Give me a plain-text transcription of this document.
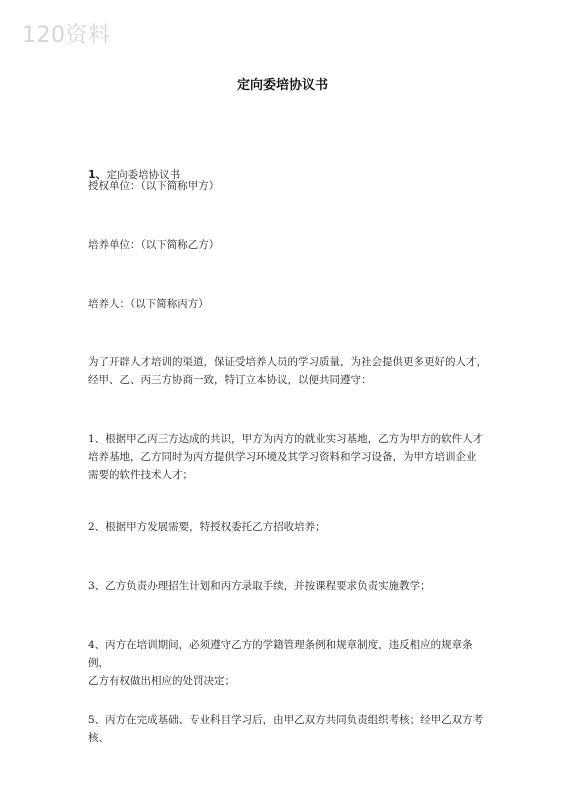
120资料
定向委培协议书

1、定向委培协议书

授权单位：（以下简称甲方）
培养单位：（以下简称乙方）
培养人：（以下简称丙方）
为了开辟人才培训的渠道，保证受培养人员的学习质量，为社会提供更多更好的人才，
经甲、乙、丙三方协商一致，特订立本协议，以便共同遵守：
1、根据甲乙丙三方达成的共识，甲方为丙方的就业实习基地，乙方为甲方的软件人才
培养基地，乙方同时为丙方提供学习环境及其学习资料和学习设备，为甲方培训企业
需要的软件技术人才；
2、根据甲方发展需要，特授权委托乙方招收培养；
3、乙方负责办理招生计划和丙方录取手续，并按课程要求负责实施教学；
4、丙方在培训期间，必须遵守乙方的学籍管理条例和规章制度，违反相应的规章条例，
乙方有权做出相应的处罚决定；
5、丙方在完成基础、专业科目学习后，由甲乙双方共同负责组织考核；经甲乙双方考核、
